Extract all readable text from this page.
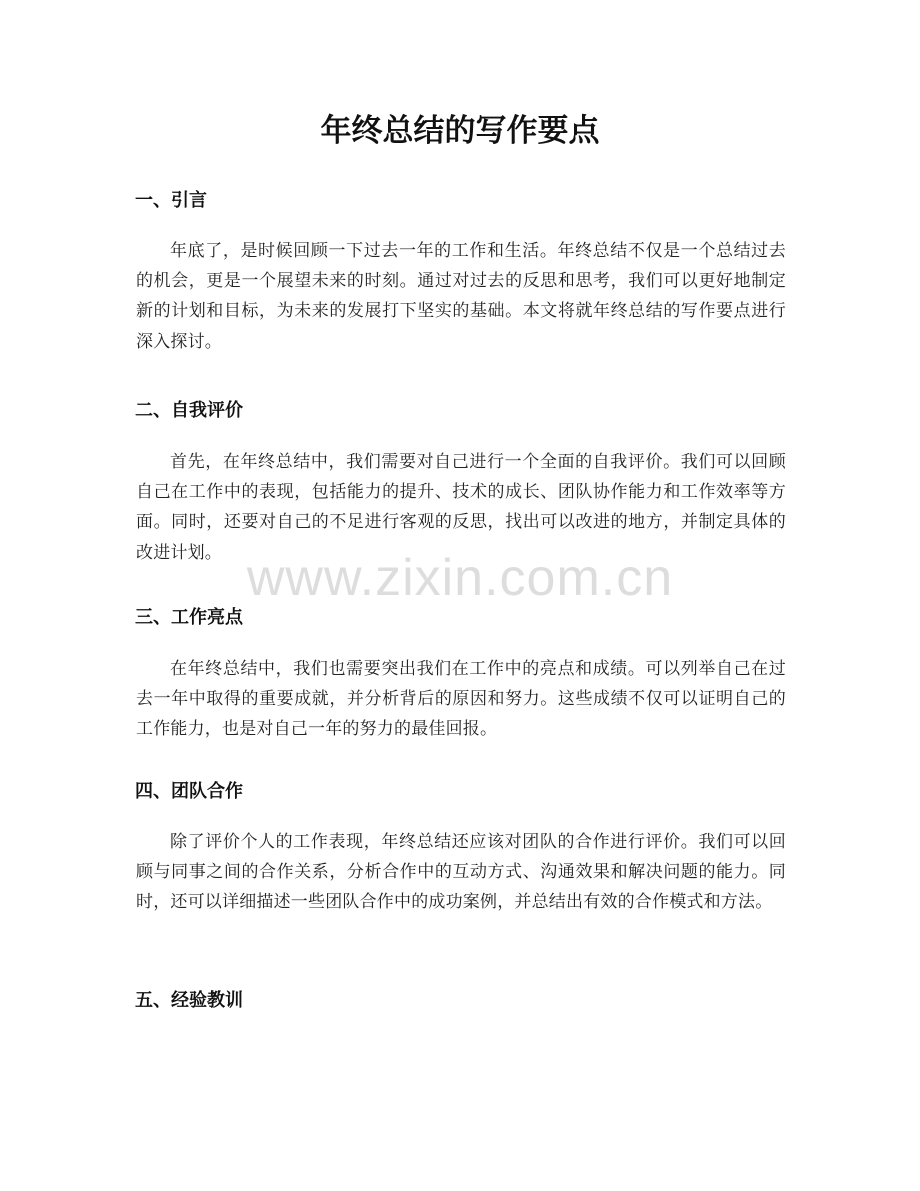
年终总结的写作要点
一、引言

年底了，是时候回顾一下过去一年的工作和生活。年终总结不仅是一个总结过去的机会，更是一个展望未来的时刻。通过对过去的反思和思考，我们可以更好地制定新的计划和目标，为未来的发展打下坚实的基础。本文将就年终总结的写作要点进行深入探讨。

二、自我评价

首先，在年终总结中，我们需要对自己进行一个全面的自我评价。我们可以回顾自己在工作中的表现，包括能力的提升、技术的成长、团队协作能力和工作效率等方面。同时，还要对自己的不足进行客观的反思，找出可以改进的地方，并制定具体的改进计划。

三、工作亮点

在年终总结中，我们也需要突出我们在工作中的亮点和成绩。可以列举自己在过去一年中取得的重要成就，并分析背后的原因和努力。这些成绩不仅可以证明自己的工作能力，也是对自己一年的努力的最佳回报。

四、团队合作

除了评价个人的工作表现，年终总结还应该对团队的合作进行评价。我们可以回顾与同事之间的合作关系，分析合作中的互动方式、沟通效果和解决问题的能力。同时，还可以详细描述一些团队合作中的成功案例，并总结出有效的合作模式和方法。

五、经验教训
www.zixin.com.cn
